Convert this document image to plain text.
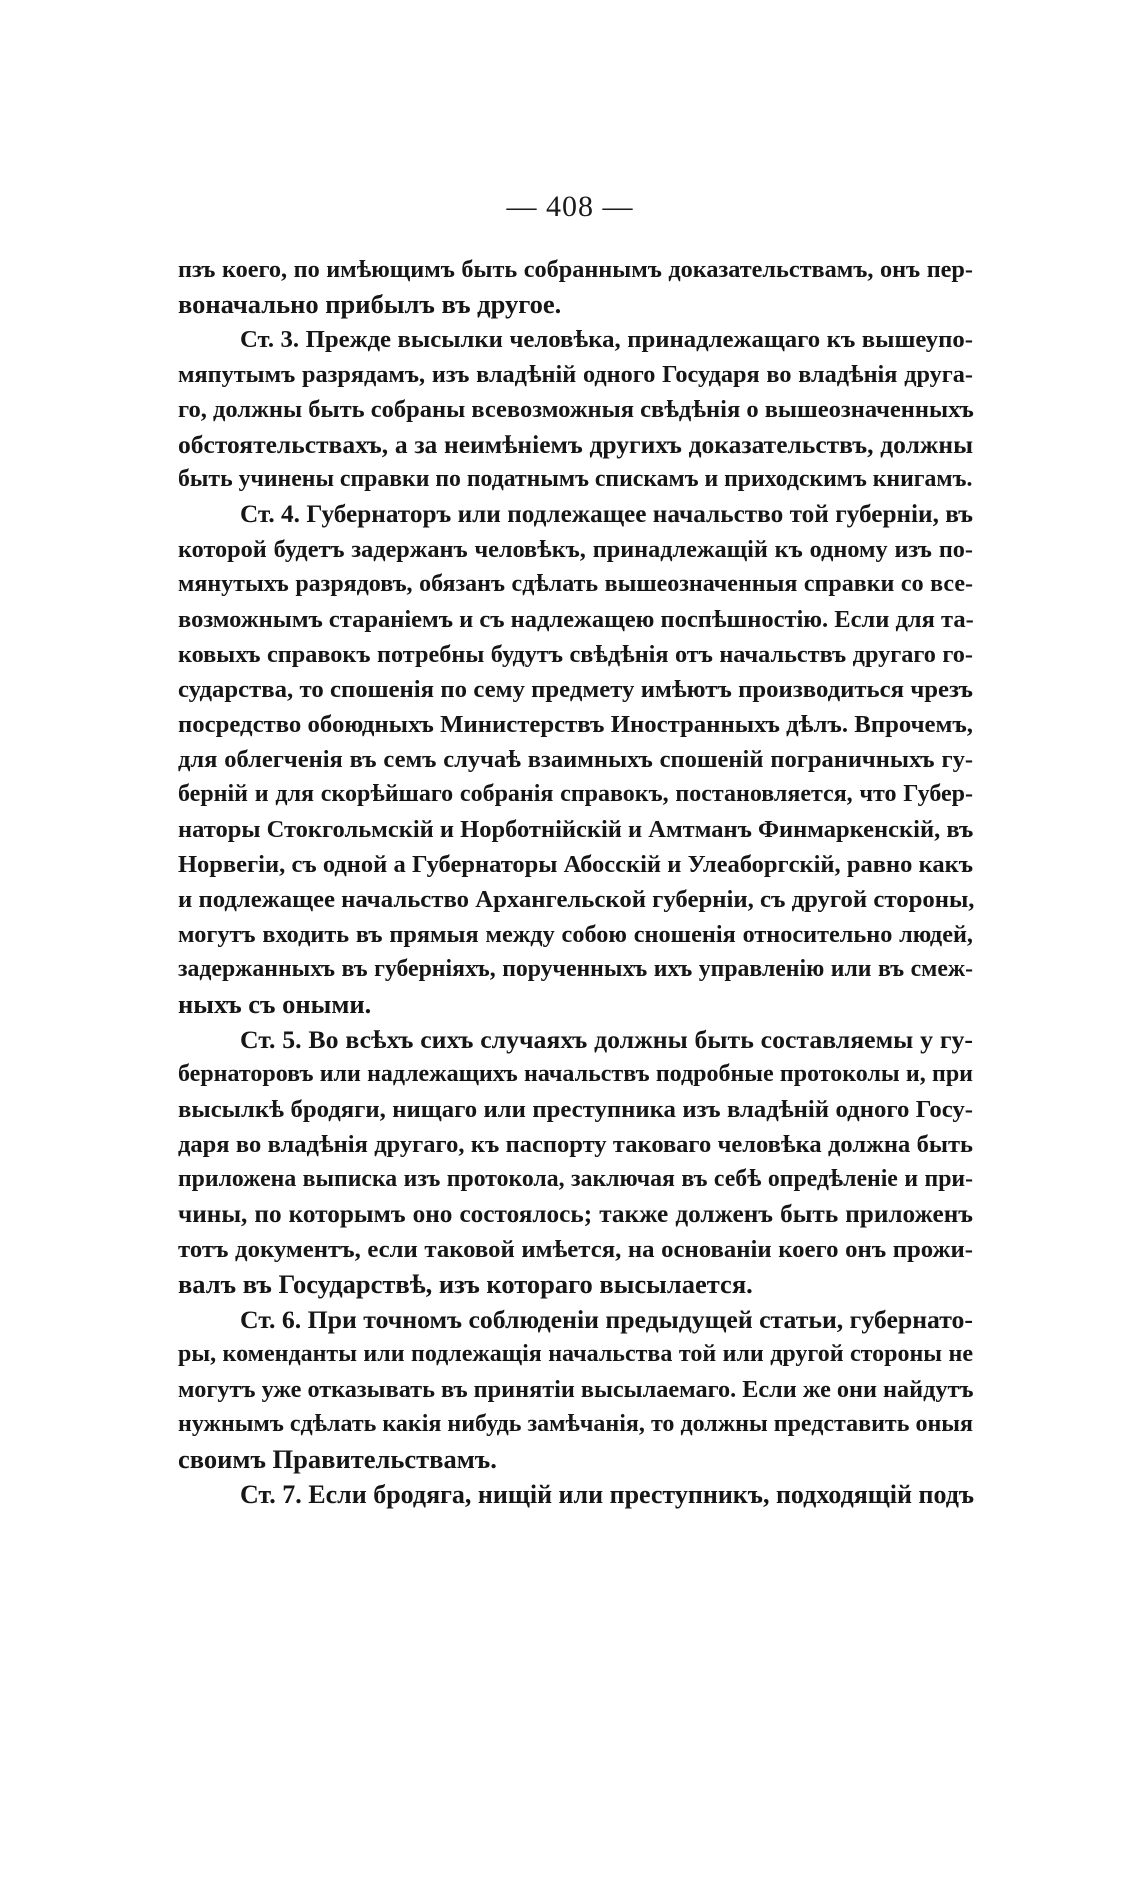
— 408 —
пзъ коего, по имѣющимъ быть собраннымъ доказательствамъ, онъ пер-
воначально прибылъ въ другое.
Ст. 3. Прежде высылки человѣка, принадлежащаго къ вышеупо-
мяпутымъ разрядамъ, изъ владѣній одного Государя во владѣнія друга-
го, должны быть собраны всевозможныя свѣдѣнія о вышеозначенныхъ
обстоятельствахъ, а за неимѣніемъ другихъ доказательствъ, должны
быть учинены справки по податнымъ спискамъ и приходскимъ книгамъ.
Ст. 4. Губернаторъ или подлежащее начальство той губерніи, въ
которой будетъ задержанъ человѣкъ, принадлежащій къ одному изъ по-
мянутыхъ разрядовъ, обязанъ сдѣлать вышеозначенныя справки со все-
возможнымъ стараніемъ и съ надлежащею поспѣшностію. Если для та-
ковыхъ справокъ потребны будутъ свѣдѣнія отъ начальствъ другаго го-
сударства, то спошенія по сему предмету имѣютъ производиться чрезъ
посредство обоюдныхъ Министерствъ Иностранныхъ дѣлъ. Впрочемъ,
для облегченія въ семъ случаѣ взаимныхъ спошеній пограничныхъ гу-
берній и для скорѣйшаго собранія справокъ, постановляется, что Губер-
наторы Стокгольмскій и Норботнійскій и Амтманъ Финмаркенскій, въ
Норвегіи, съ одной а Губернаторы Абосскій и Улеаборгскій, равно какъ
и подлежащее начальство Архангельской губерніи, съ другой стороны,
могутъ входить въ прямыя между собою сношенія относительно людей,
задержанныхъ въ губерніяхъ, порученныхъ ихъ управленію или въ смеж-
ныхъ съ оными.
Ст. 5. Во всѣхъ сихъ случаяхъ должны быть составляемы у гу-
бернаторовъ или надлежащихъ начальствъ подробные протоколы и, при
высылкѣ бродяги, нищаго или преступника изъ владѣній одного Госу-
даря во владѣнія другаго, къ паспорту таковаго человѣка должна быть
приложена выписка изъ протокола, заключая въ себѣ опредѣленіе и при-
чины, по которымъ оно состоялось; также долженъ быть приложенъ
тотъ документъ, если таковой имѣется, на основаніи коего онъ прожи-
валъ въ Государствѣ, изъ котораго высылается.
Ст. 6. При точномъ соблюденіи предыдущей статьи, губернато-
ры, коменданты или подлежащія начальства той или другой стороны не
могутъ уже отказывать въ принятіи высылаемаго. Если же они найдутъ
нужнымъ сдѣлать какія нибудь замѣчанія, то должны представить оныя
своимъ Правительствамъ.
Ст. 7. Если бродяга, нищій или преступникъ, подходящій подъ
